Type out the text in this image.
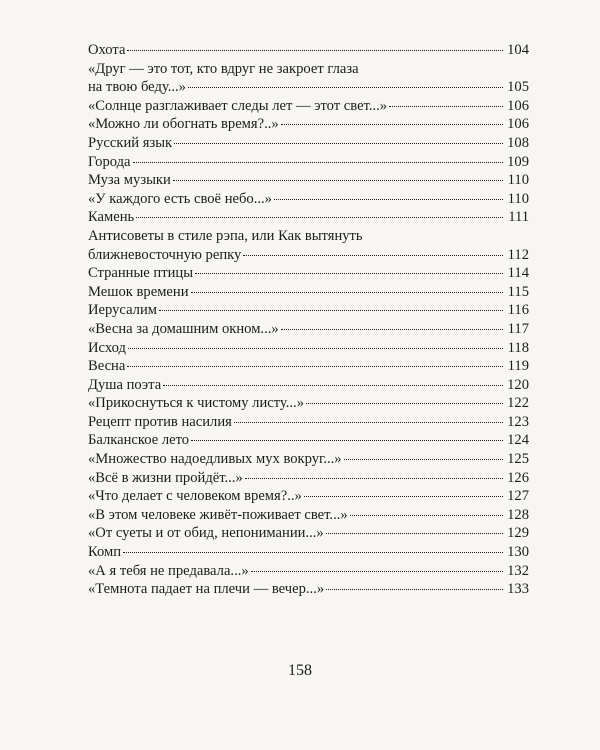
Охота	104
«Друг — это тот, кто вдруг не закроет глаза
на твою беду...»	105
«Солнце разглаживает следы лет — этот свет...»	106
«Можно ли обогнать время?..»	106
Русский язык	108
Города	109
Муза музыки	110
«У каждого есть своё небо...»	110
Камень	111
Антисоветы в стиле рэпа, или Как вытянуть
ближневосточную репку	112
Странные птицы	114
Мешок времени	115
Иерусалим	116
«Весна за домашним окном...»	117
Исход	118
Весна	119
Душа поэта	120
«Прикоснуться к чистому листу...»	122
Рецепт против насилия	123
Балканское лето	124
«Множество надоедливых мух вокруг...»	125
«Всё в жизни пройдёт...»	126
«Что делает с человеком время?..»	127
«В этом человеке живёт-поживает свет...»	128
«От суеты и от обид, непонимании...»	129
Комп	130
«А я тебя не предавала...»	132
«Темнота падает на плечи — вечер...»	133
158
